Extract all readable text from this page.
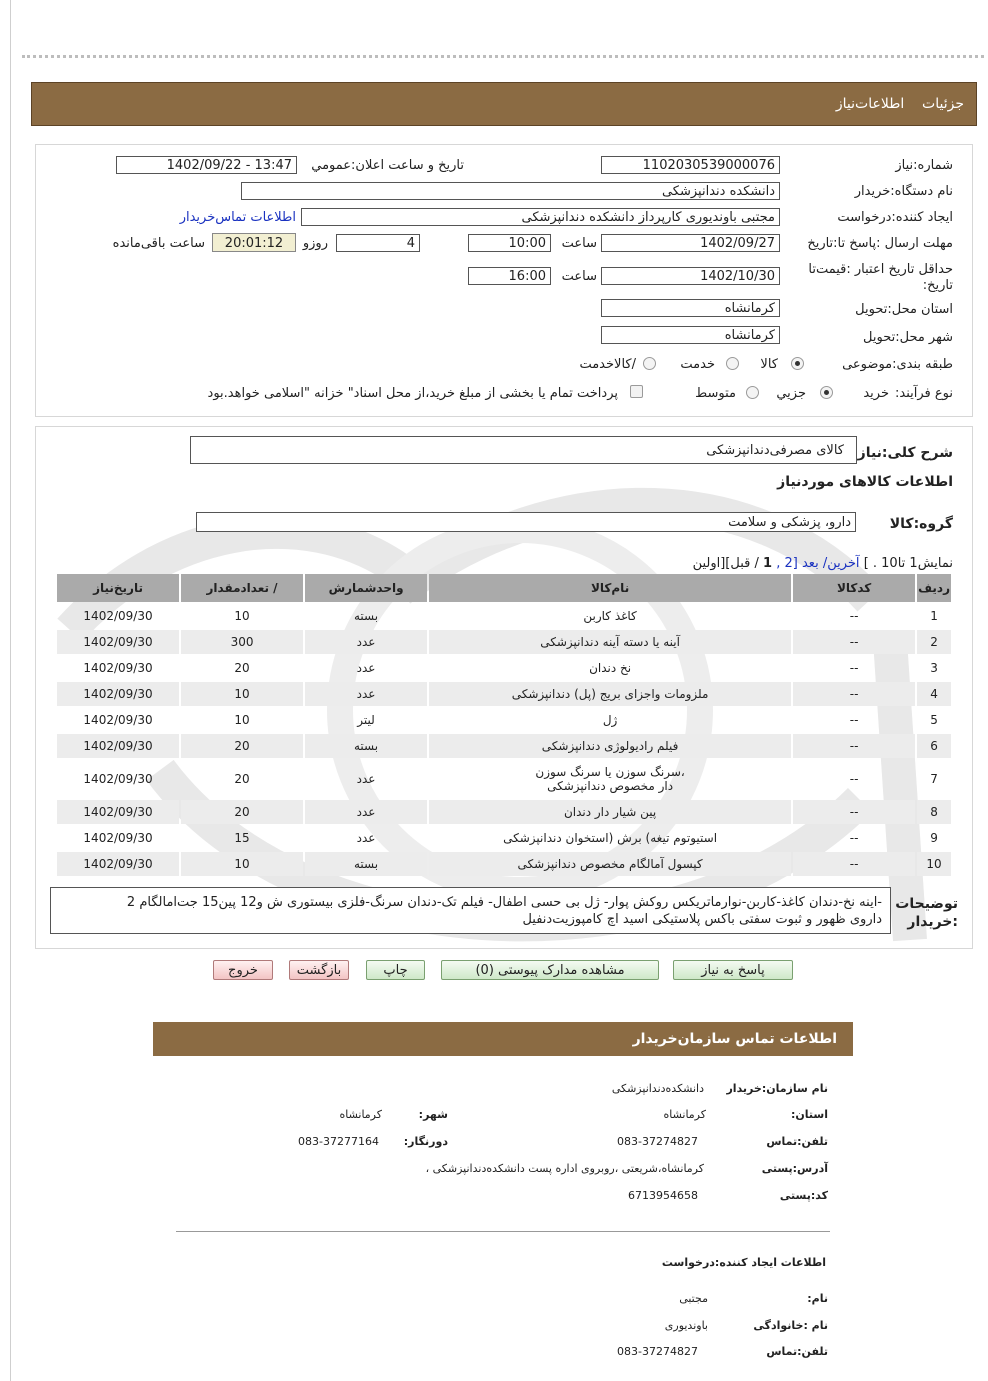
جزئیات    اطلاعات‌نیاز
شماره:نیاز
1102030539000076
تاریخ و ساعت اعلان:عمومي
1402/09/22 - 13:47
نام دستگاه:خریدار
دانشکده دندانپزشکی
ایجاد کننده:درخواست
مجتبی باونديوری کارپرداز دانشکده دندانپزشکی
اطلاعات تماس‌خریدار
مهلت ارسال :پاسخ تا:تاریخ
1402/09/27
ساعت
10:00
4
روزو
20:01:12
ساعت باقی‌مانده
حداقل تاریخ اعتبار :قیمت‌تا تاریخ:
1402/10/30
ساعت
16:00
استان محل:تحویل
کرمانشاه
شهر محل:تحویل
کرمانشاه
طبقه بندی:موضوعی
کالا
خدمت
/کالاخدمت
نوع فرآیند:
خرید
جزيي
متوسط
پرداخت تمام یا بخشی از مبلغ خرید،از محل اسناد" خزانه "اسلامی خواهد.بود
شرح کلی:نیاز
کالای مصرفی‌دندانپزشکی
اطلاعات کالاهای موردنیاز
گروه:کالا
دارو، پزشکی و سلامت
نمایش1 تا10 . ] آخرین/ بعد [2 , 1 / قبل][اولین
ردیف	کدکالا	نام‌کالا	واحدشمارش	/ تعدادمقدار	تاریخ‌نیاز
1	--	کاغذ کاربن	بسته	10	1402/09/30
2	--	آینه یا دسته آینه دندانپزشکی	عدد	300	1402/09/30
3	--	نخ دندان	عدد	20	1402/09/30
4	--	ملزومات واجزای بریج (پل) دندانپزشکی	عدد	10	1402/09/30
5	--	ژل	لیتر	10	1402/09/30
6	--	فیلم رادیولوژی دندانپزشکی	بسته	20	1402/09/30
7	--	،سرنگ سوزن یا سرنگ سوزن دار مخصوص دندانپزشکی	عدد	20	1402/09/30
8	--	پین شیار دار دندان	عدد	20	1402/09/30
9	--	استیوتوم تیغه) برش (استخوان دندانپزشکی	عدد	15	1402/09/30
10	--	کپسول آمالگام مخصوص دندانپزشکی	بسته	10	1402/09/30
توضیحات :خریدار
-اینه نخ-دندان کاغذ-کاربن-نوارماتریکس روکش پوار- ژل بی حسی اطفال- فیلم تک-دندان سرنگ-فلزی بیستوری ش و12 پین15 جت‌امالگام 2
داروی ظهور و ثبوت سفتی باکس پلاستیکی اسید اچ کامپوزیت‌دنفیل
پاسخ به نیاز
مشاهده مدارک پیوستی (0)
چاپ
بازگشت
خروج
اطلاعات تماس سازمان‌خریدار
نام سازمان:خریدار
دانشکده‌دندانپزشکی
استان:
کرمانشاه
شهر:
کرمانشاه
تلفن:تماس
083-37274827
دورنگار:
083-37277164
آدرس:پستی
کرمانشاه،شریعتی ،روبروی اداره پست دانشکده‌دندانپزشکی ،
کد:پستی
6713954658
اطلاعات ایجاد کننده:درخواست
نام:
مجتبی
نام :خانوادگی
باونديوری
تلفن:تماس
083-37274827
